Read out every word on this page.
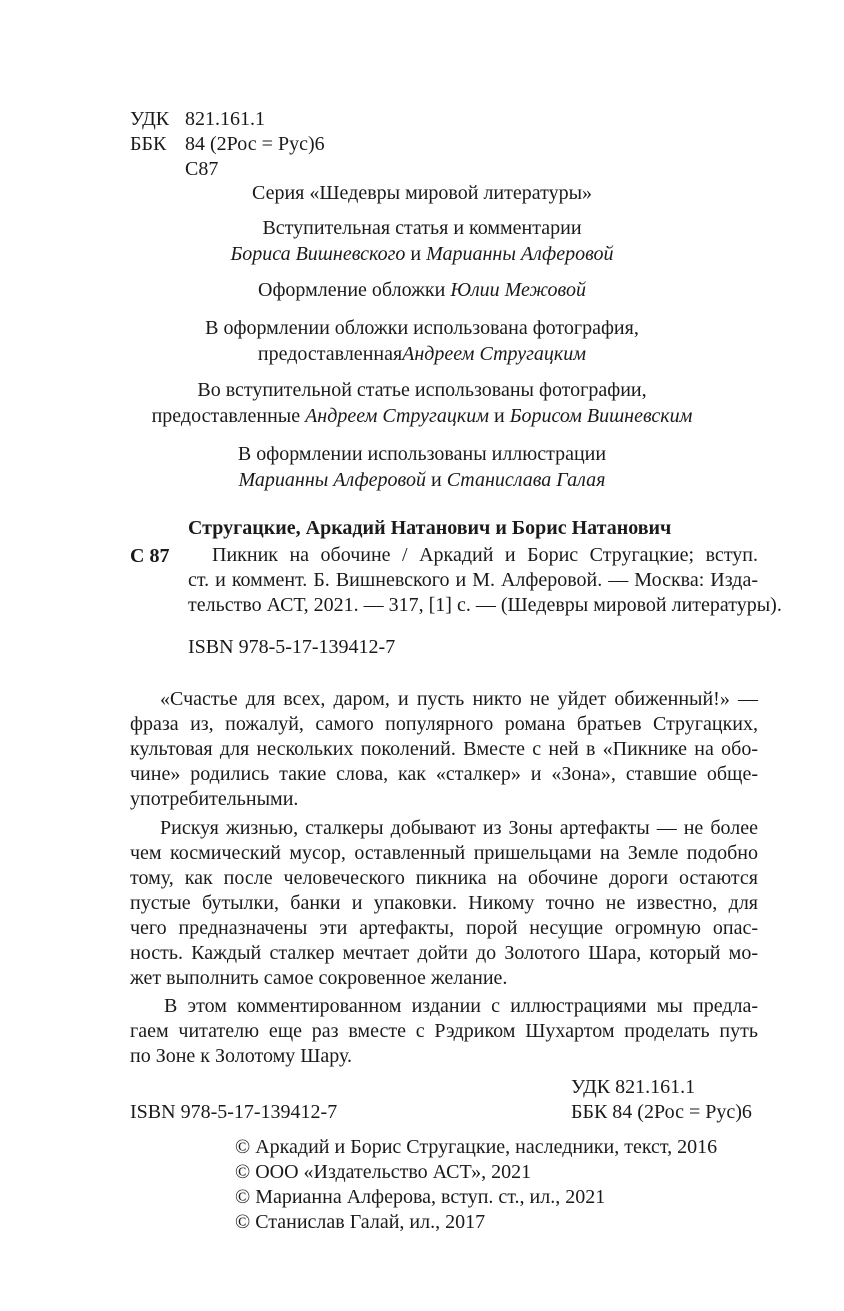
УДК 821.161.1
ББК 84 (2Рос = Рус)6
С87
Серия «Шедевры мировой литературы»
Вступительная статья и комментарии
Бориса Вишневского и Марианны Алферовой
Оформление обложки Юлии Межовой
В оформлении обложки использована фотография,
предоставленнаяАндреем Стругацким
Во вступительной статье использованы фотографии,
предоставленные Андреем Стругацким и Борисом Вишневским
В оформлении использованы иллюстрации
Марианны Алферовой и Станислава Галая
Стругацкие, Аркадий Натанович и Борис Натанович
С 87 Пикник на обочине / Аркадий и Борис Стругацкие; вступ.
ст. и коммент. Б. Вишневского и М. Алферовой. — Москва: Изда-
тельство АСТ, 2021. — 317, [1] с. — (Шедевры мировой литературы).
ISBN 978-5-17-139412-7
«Счастье для всех, даром, и пусть никто не уйдет обиженный!» —
фраза из, пожалуй, самого популярного романа братьев Стругацких,
культовая для нескольких поколений. Вместе с ней в «Пикнике на обо-
чине» родились такие слова, как «сталкер» и «Зона», ставшие обще-
употребительными.
Рискуя жизнью, сталкеры добывают из Зоны артефакты — не более
чем космический мусор, оставленный пришельцами на Земле подобно
тому, как после человеческого пикника на обочине дороги остаются
пустые бутылки, банки и упаковки. Никому точно не известно, для
чего предназначены эти артефакты, порой несущие огромную опас-
ность. Каждый сталкер мечтает дойти до Золотого Шара, который мо-
жет выполнить самое сокровенное желание.
В этом комментированном издании с иллюстрациями мы предла-
гаем читателю еще раз вместе с Рэдриком Шухартом проделать путь
по Зоне к Золотому Шару.
УДК 821.161.1
ISBN 978-5-17-139412-7	ББК 84 (2Рос = Рус)6
© Аркадий и Борис Стругацкие, наследники, текст, 2016
© ООО «Издательство АСТ», 2021
© Марианна Алферова, вступ. ст., ил., 2021
© Станислав Галай, ил., 2017
